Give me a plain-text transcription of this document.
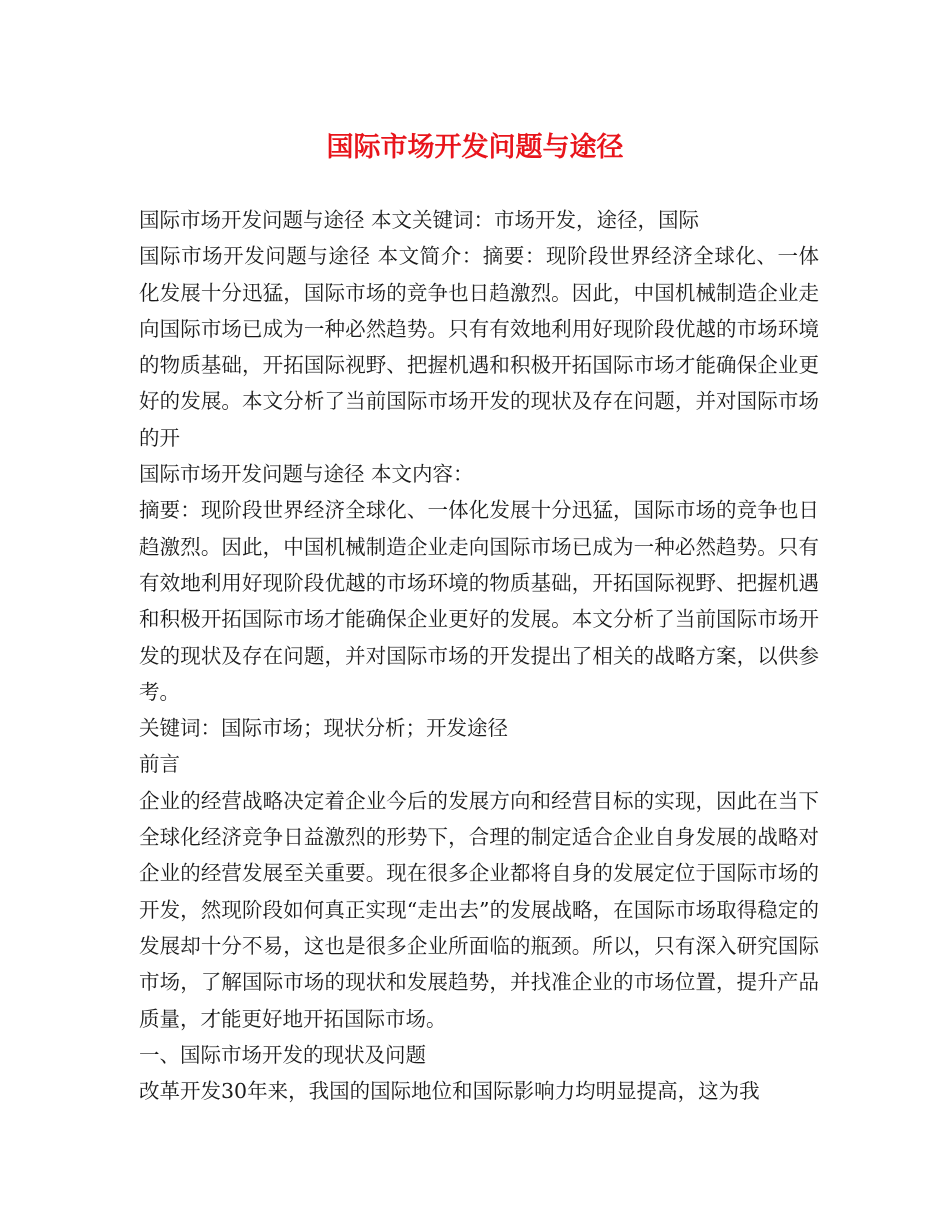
国际市场开发问题与途径

国际市场开发问题与途径 本文关键词：市场开发，途径，国际

国际市场开发问题与途径 本文简介：摘要：现阶段世界经济全球化、一体化发展十分迅猛，国际市场的竞争也日趋激烈。因此，中国机械制造企业走向国际市场已成为一种必然趋势。只有有效地利用好现阶段优越的市场环境的物质基础，开拓国际视野、把握机遇和积极开拓国际市场才能确保企业更好的发展。本文分析了当前国际市场开发的现状及存在问题，并对国际市场的开

国际市场开发问题与途径 本文内容：

摘要：现阶段世界经济全球化、一体化发展十分迅猛，国际市场的竞争也日趋激烈。因此，中国机械制造企业走向国际市场已成为一种必然趋势。只有有效地利用好现阶段优越的市场环境的物质基础，开拓国际视野、把握机遇和积极开拓国际市场才能确保企业更好的发展。本文分析了当前国际市场开发的现状及存在问题，并对国际市场的开发提出了相关的战略方案，以供参考。

关键词：国际市场；现状分析；开发途径

前言

企业的经营战略决定着企业今后的发展方向和经营目标的实现，因此在当下全球化经济竞争日益激烈的形势下，合理的制定适合企业自身发展的战略对企业的经营发展至关重要。现在很多企业都将自身的发展定位于国际市场的开发，然现阶段如何真正实现“走出去”的发展战略，在国际市场取得稳定的发展却十分不易，这也是很多企业所面临的瓶颈。所以，只有深入研究国际市场，了解国际市场的现状和发展趋势，并找准企业的市场位置，提升产品质量，才能更好地开拓国际市场。

一、国际市场开发的现状及问题

改革开发30年来，我国的国际地位和国际影响力均明显提高，这为我
